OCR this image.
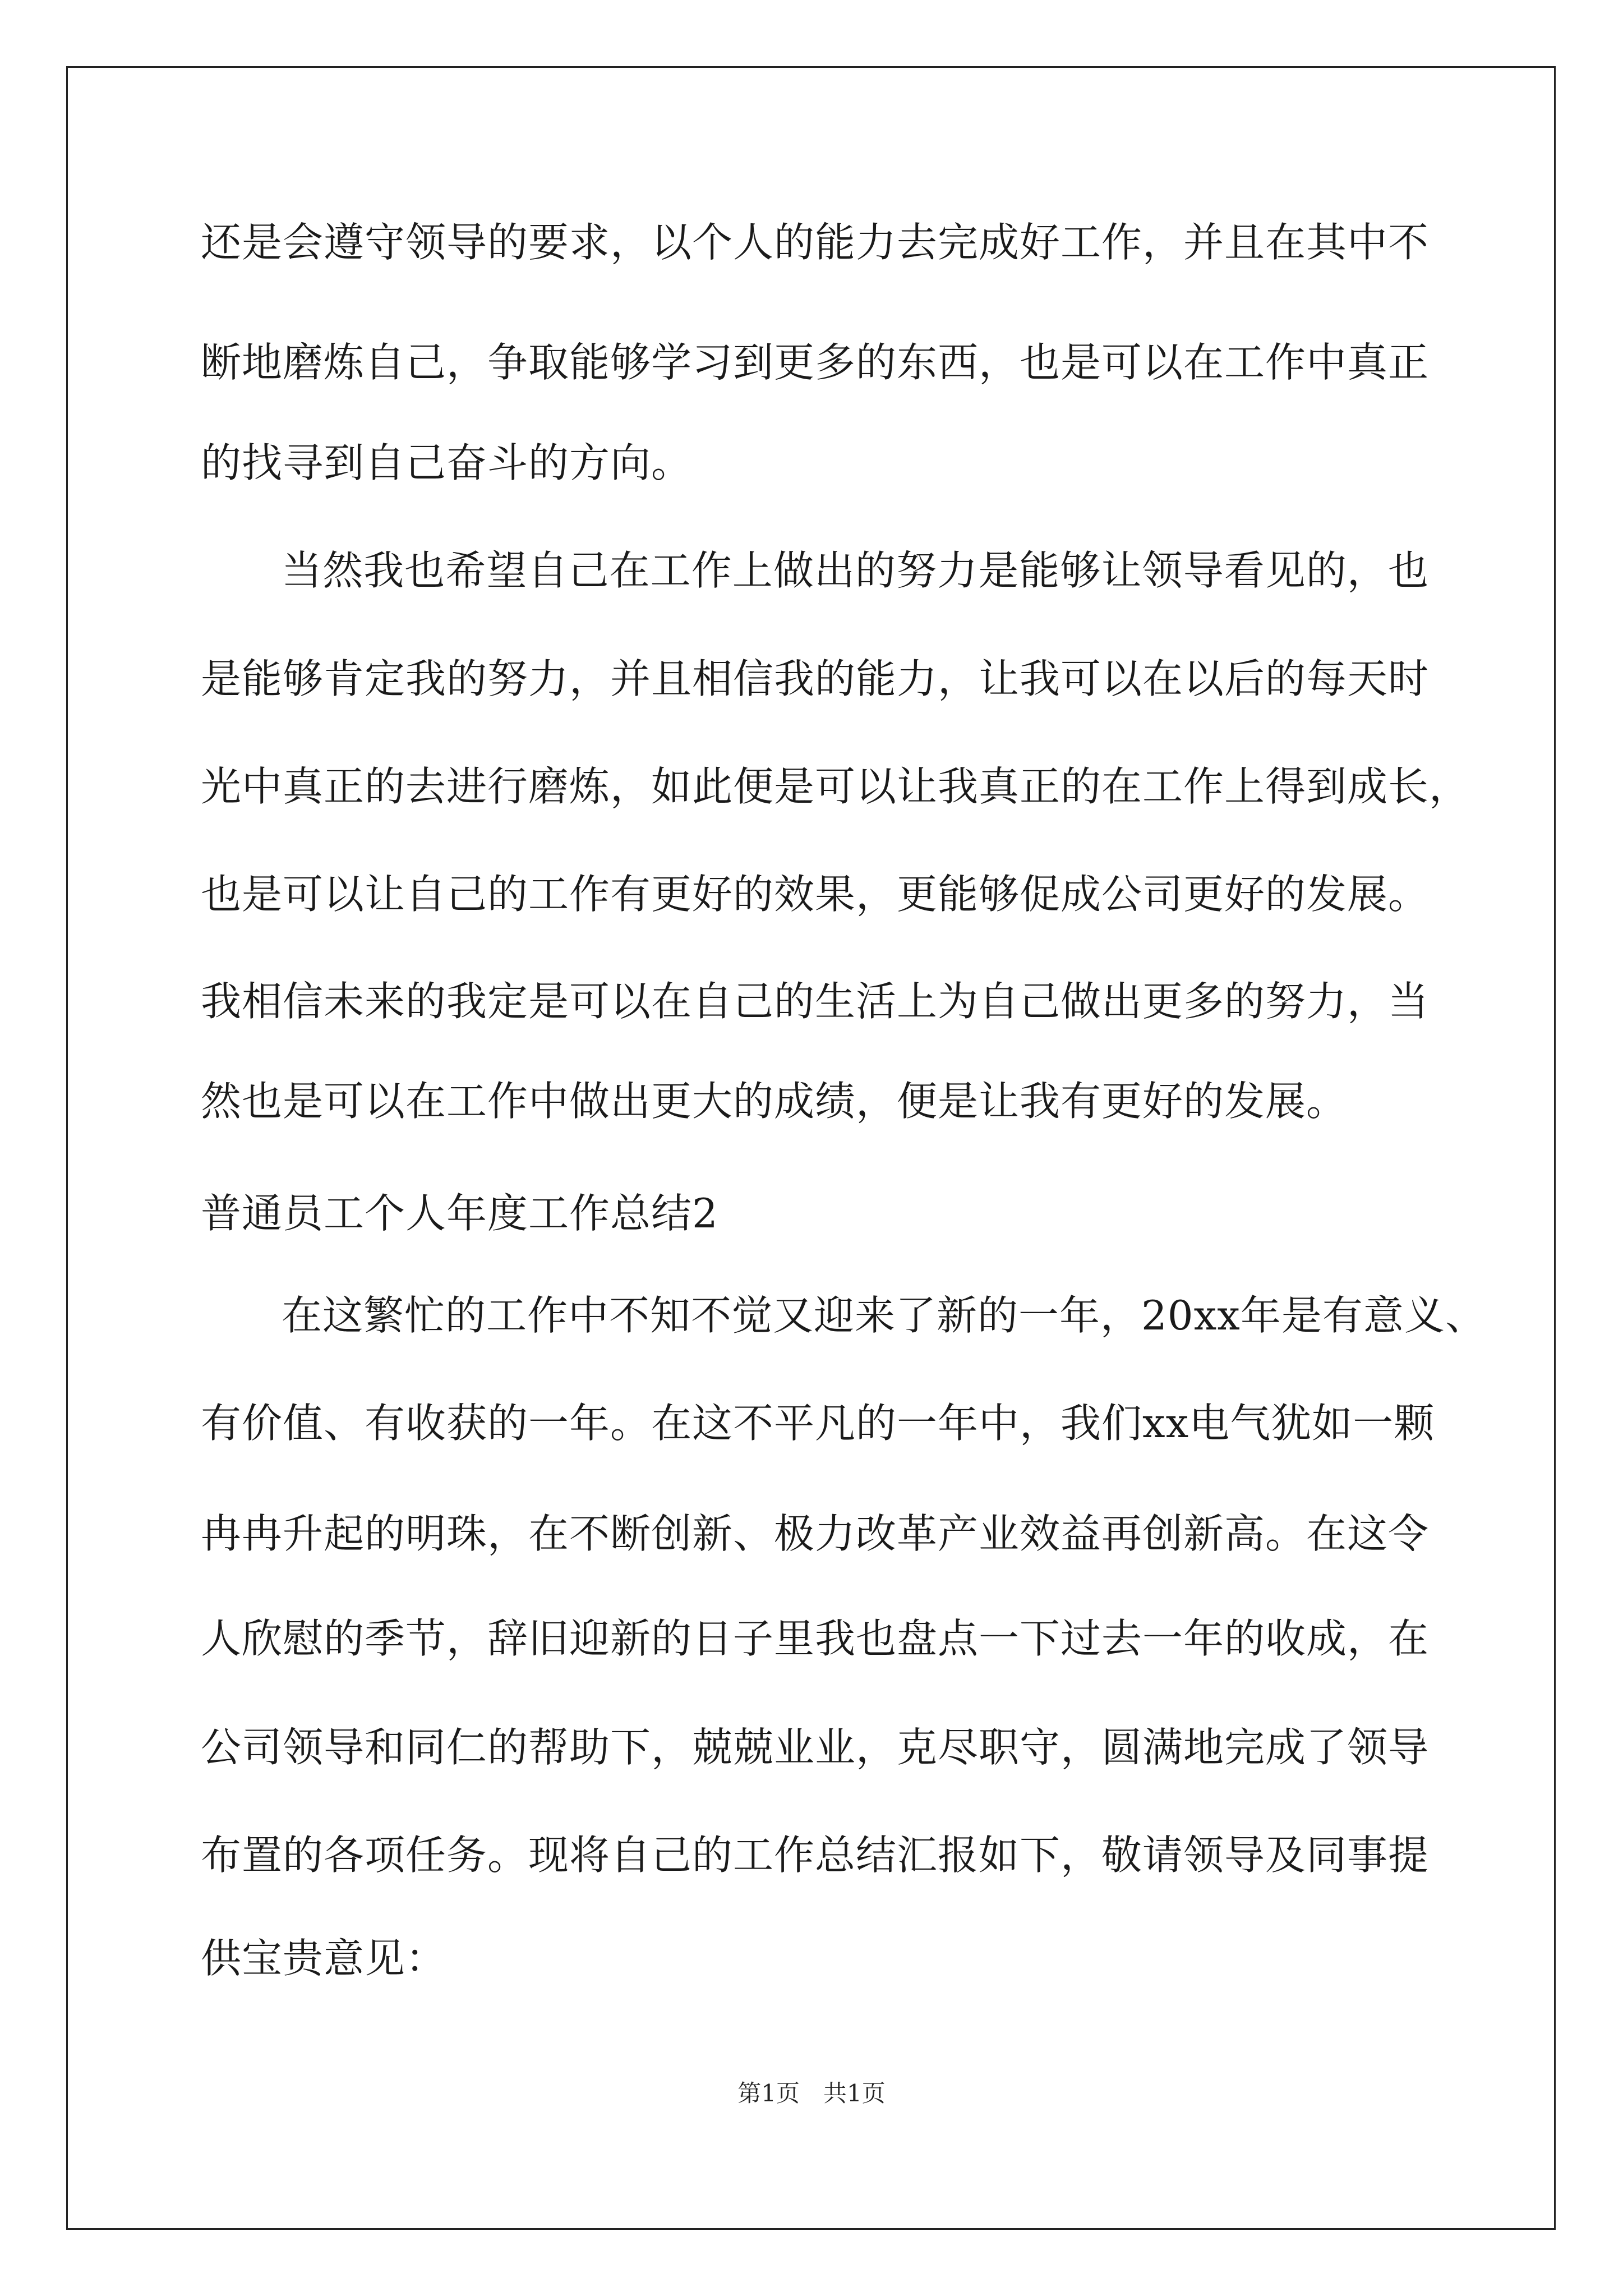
还是会遵守领导的要求，以个人的能力去完成好工作，并且在其中不
断地磨炼自己，争取能够学习到更多的东西，也是可以在工作中真正
的找寻到自己奋斗的方向。
当然我也希望自己在工作上做出的努力是能够让领导看见的，也
是能够肯定我的努力，并且相信我的能力，让我可以在以后的每天时
光中真正的去进行磨炼，如此便是可以让我真正的在工作上得到成长，
也是可以让自己的工作有更好的效果，更能够促成公司更好的发展。
我相信未来的我定是可以在自己的生活上为自己做出更多的努力，当
然也是可以在工作中做出更大的成绩，便是让我有更好的发展。
普通员工个人年度工作总结2
在这繁忙的工作中不知不觉又迎来了新的一年，20xx年是有意义、
有价值、有收获的一年。在这不平凡的一年中，我们xx电气犹如一颗
冉冉升起的明珠，在不断创新、极力改革产业效益再创新高。在这令
人欣慰的季节，辞旧迎新的日子里我也盘点一下过去一年的收成，在
公司领导和同仁的帮助下，兢兢业业，克尽职守，圆满地完成了领导
布置的各项任务。现将自己的工作总结汇报如下，敬请领导及同事提
供宝贵意见：
第1页　共1页
